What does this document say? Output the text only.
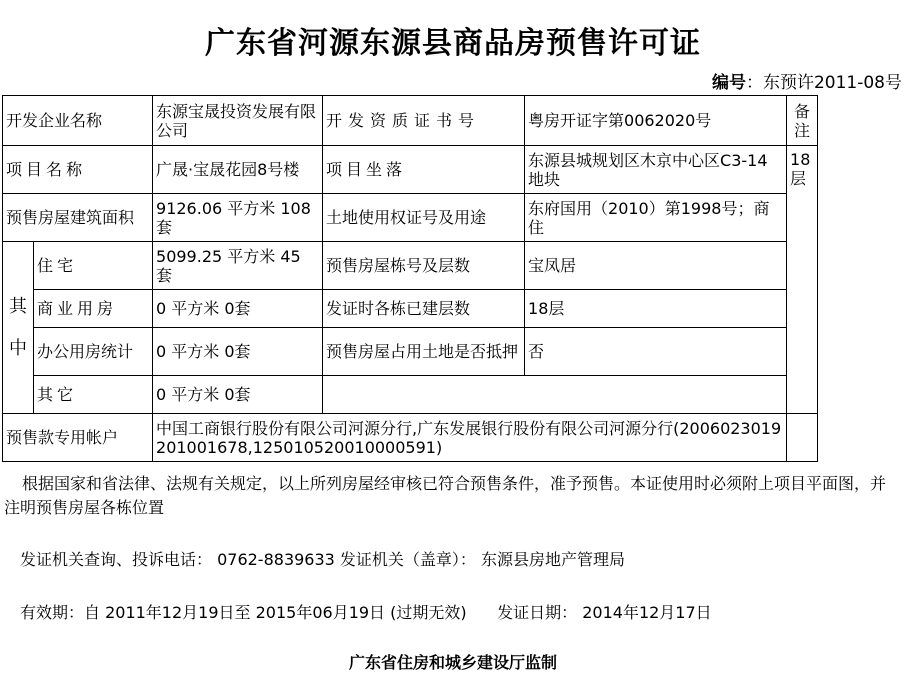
广东省河源东源县商品房预售许可证
编号：东预许2011-08号
开发企业名称		东源宝晟投资发展有限公司	开发资质证书号	粤房开证字第0062020号	备注
项目名称		广晟·宝晟花园8号楼	项目坐落	东源县城规划区木京中心区C3-14地块	18层
预售房屋建筑面积		9126.06 平方米 108套	土地使用权证号及用途	东府国用（2010）第1998号；商住	
其中	住宅	5099.25 平方米 45 套	预售房屋栋号及层数	宝凤居	
	商业用房	0 平方米 0套	发证时各栋已建层数	18层	
	办公用房统计	0 平方米 0套	预售房屋占用土地是否抵押	否	
	其它	0 平方米 0套			
预售款专用帐户		中国工商银行股份有限公司河源分行,广东发展银行股份有限公司河源分行(2006023019201001678,125010520010000591)			
根据国家和省法律、法规有关规定，以上所列房屋经审核已符合预售条件，准予预售。本证使用时必须附上项目平面图，并注明预售房屋各栋位置
发证机关查询、投诉电话： 0762-8839633 发证机关（盖章）： 东源县房地产管理局
有效期：自 2011年12月19日至 2015年06月19日 (过期无效)      发证日期： 2014年12月17日
广东省住房和城乡建设厅监制
